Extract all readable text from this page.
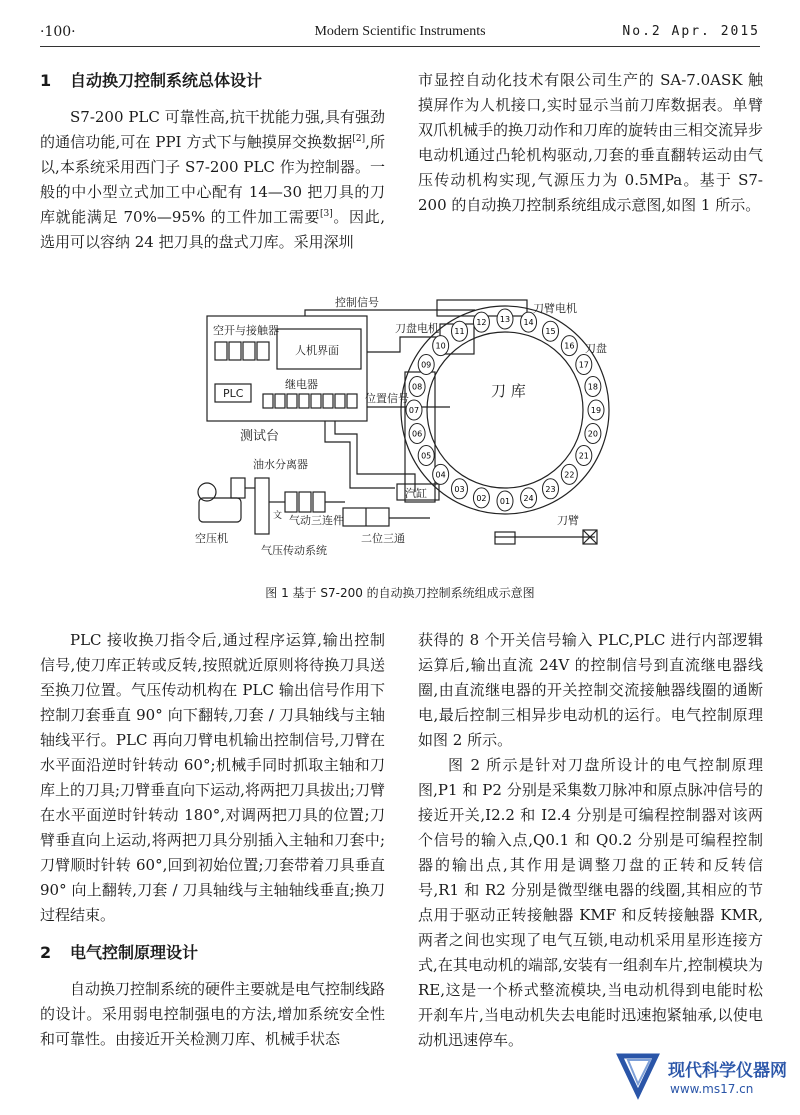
·100·	Modern Scientific Instruments	No.2 Apr. 2015
1 自动换刀控制系统总体设计

S7-200 PLC 可靠性高,抗干扰能力强,具有强劲的通信功能,可在 PPI 方式下与触摸屏交换数据[2],所以,本系统采用西门子 S7-200 PLC 作为控制器。一般的中小型立式加工中心配有 14—30 把刀具的刀库就能满足 70%—95% 的工件加工需要[3]。因此,选用可以容纳 24 把刀具的盘式刀库。采用深圳

市显控自动化技术有限公司生产的 SA-7.0ASK 触摸屏作为人机接口,实时显示当前刀库数据表。单臂双爪机械手的换刀动作和刀库的旋转由三相交流异步电动机通过凸轮机构驱动,刀套的垂直翻转运动由气压传动机构实现,气源压力为 0.5MPa。基于 S7-200 的自动换刀控制系统组成示意图,如图 1 所示。

01
02
03
04
05
06
07
08
09
10
11
12 13 14
15
16
17
18
19
20
21
22
23
24
空开与接触器
人机界面
PLC
继电器
测试台
控制信号
刀盘电机
刀臂电机
位置信号	刀 库
刀盘
油水分离器
空压机
气动三连件
气压传动系统
二位三通
汽缸
刀臂
文
图 1 基于 S7-200 的自动换刀控制系统组成示意图

PLC 接收换刀指令后,通过程序运算,输出控制信号,使刀库正转或反转,按照就近原则将待换刀具送至换刀位置。气压传动机构在 PLC 输出信号作用下控制刀套垂直 90° 向下翻转,刀套 / 刀具轴线与主轴轴线平行。PLC 再向刀臂电机输出控制信号,刀臂在水平面沿逆时针转动 60°;机械手同时抓取主轴和刀库上的刀具;刀臂垂直向下运动,将两把刀具拔出;刀臂在水平面逆时针转动 180°,对调两把刀具的位置;刀臂垂直向上运动,将两把刀具分别插入主轴和刀套中;刀臂顺时针转 60°,回到初始位置;刀套带着刀具垂直 90° 向上翻转,刀套 / 刀具轴线与主轴轴线垂直;换刀过程结束。

2 电气控制原理设计

自动换刀控制系统的硬件主要就是电气控制线路的设计。采用弱电控制强电的方法,增加系统安全性和可靠性。由接近开关检测刀库、机械手状态

获得的 8 个开关信号输入 PLC,PLC 进行内部逻辑运算后,输出直流 24V 的控制信号到直流继电器线圈,由直流继电器的开关控制交流接触器线圈的通断电,最后控制三相异步电动机的运行。电气控制原理如图 2 所示。

图 2 所示是针对刀盘所设计的电气控制原理图,P1 和 P2 分别是采集数刀脉冲和原点脉冲信号的接近开关,I2.2 和 I2.4 分别是可编程控制器对该两个信号的输入点,Q0.1 和 Q0.2 分别是可编程控制器的输出点,其作用是调整刀盘的正转和反转信号,R1 和 R2 分别是微型继电器的线圈,其相应的节点用于驱动正转接触器 KMF 和反转接触器 KMR,两者之间也实现了电气互锁,电动机采用星形连接方式,在其电动机的端部,安装有一组刹车片,控制模块为 RE,这是一个桥式整流模块,当电动机得到电能时松开刹车片,当电动机失去电能时迅速抱紧轴承,以使电动机迅速停车。

现代科学仪器网
www.ms17.cn
